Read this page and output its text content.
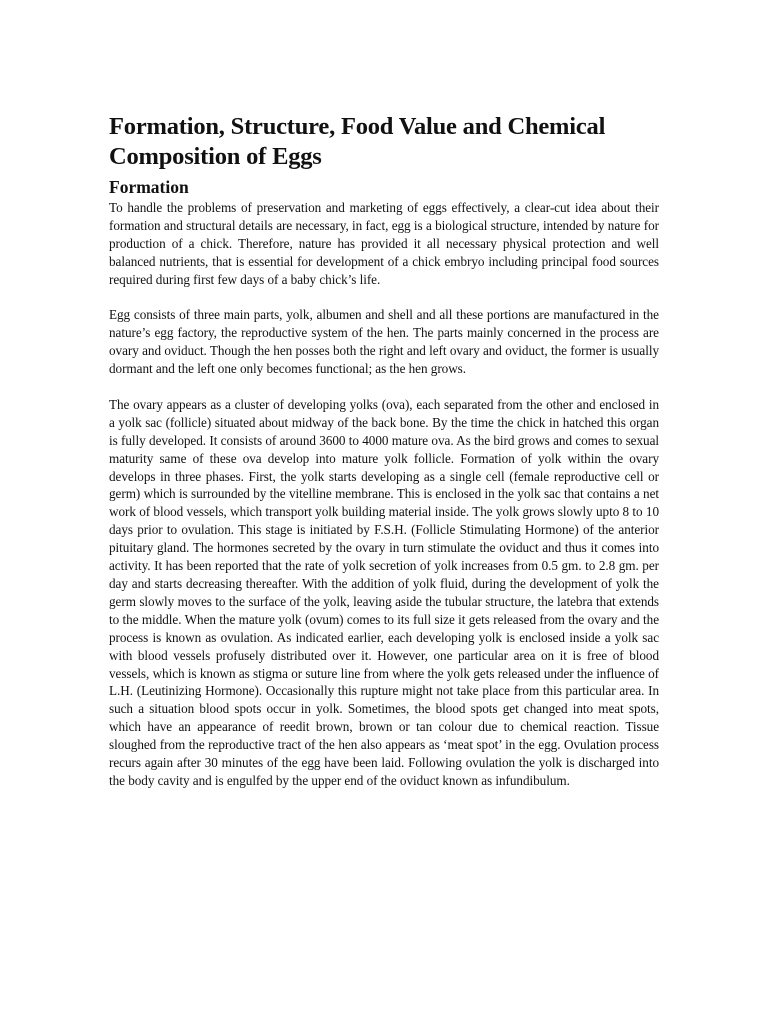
Formation, Structure, Food Value and Chemical Composition of Eggs
Formation

To handle the problems of preservation and marketing of eggs effectively, a clear-cut idea about their formation and structural details are necessary, in fact, egg is a biological structure, intended by nature for production of a chick. Therefore, nature has provided it all necessary physical protection and well balanced nutrients, that is essential for development of a chick embryo including principal food sources required during first few days of a baby chick’s life.

Egg consists of three main parts, yolk, albumen and shell and all these portions are manufactured in the nature’s egg factory, the reproductive system of the hen. The parts mainly concerned in the process are ovary and oviduct. Though the hen posses both the right and left ovary and oviduct, the former is usually dormant and the left one only becomes functional; as the hen grows.

The ovary appears as a cluster of developing yolks (ova), each separated from the other and enclosed in a yolk sac (follicle) situated about midway of the back bone. By the time the chick in hatched this organ is fully developed. It consists of around 3600 to 4000 mature ova. As the bird grows and comes to sexual maturity same of these ova develop into mature yolk follicle. Formation of yolk within the ovary develops in three phases. First, the yolk starts developing as a single cell (female reproductive cell or germ) which is surrounded by the vitelline membrane. This is enclosed in the yolk sac that contains a net work of blood vessels, which transport yolk building material inside. The yolk grows slowly upto 8 to 10 days prior to ovulation. This stage is initiated by F.S.H. (Follicle Stimulating Hormone) of the anterior pituitary gland. The hormones secreted by the ovary in turn stimulate the oviduct and thus it comes into activity. It has been reported that the rate of yolk secretion of yolk increases from 0.5 gm. to 2.8 gm. per day and starts decreasing thereafter. With the addition of yolk fluid, during the development of yolk the germ slowly moves to the surface of the yolk, leaving aside the tubular structure, the latebra that extends to the middle. When the mature yolk (ovum) comes to its full size it gets released from the ovary and the process is known as ovulation. As indicated earlier, each developing yolk is enclosed inside a yolk sac with blood vessels profusely distributed over it. However, one particular area on it is free of blood vessels, which is known as stigma or suture line from where the yolk gets released under the influence of L.H. (Leutinizing Hormone). Occasionally this rupture might not take place from this particular area. In such a situation blood spots occur in yolk. Sometimes, the blood spots get changed into meat spots, which have an appearance of reedit brown, brown or tan colour due to chemical reaction. Tissue sloughed from the reproductive tract of the hen also appears as ‘meat spot’ in the egg. Ovulation process recurs again after 30 minutes of the egg have been laid. Following ovulation the yolk is discharged into the body cavity and is engulfed by the upper end of the oviduct known as infundibulum.
